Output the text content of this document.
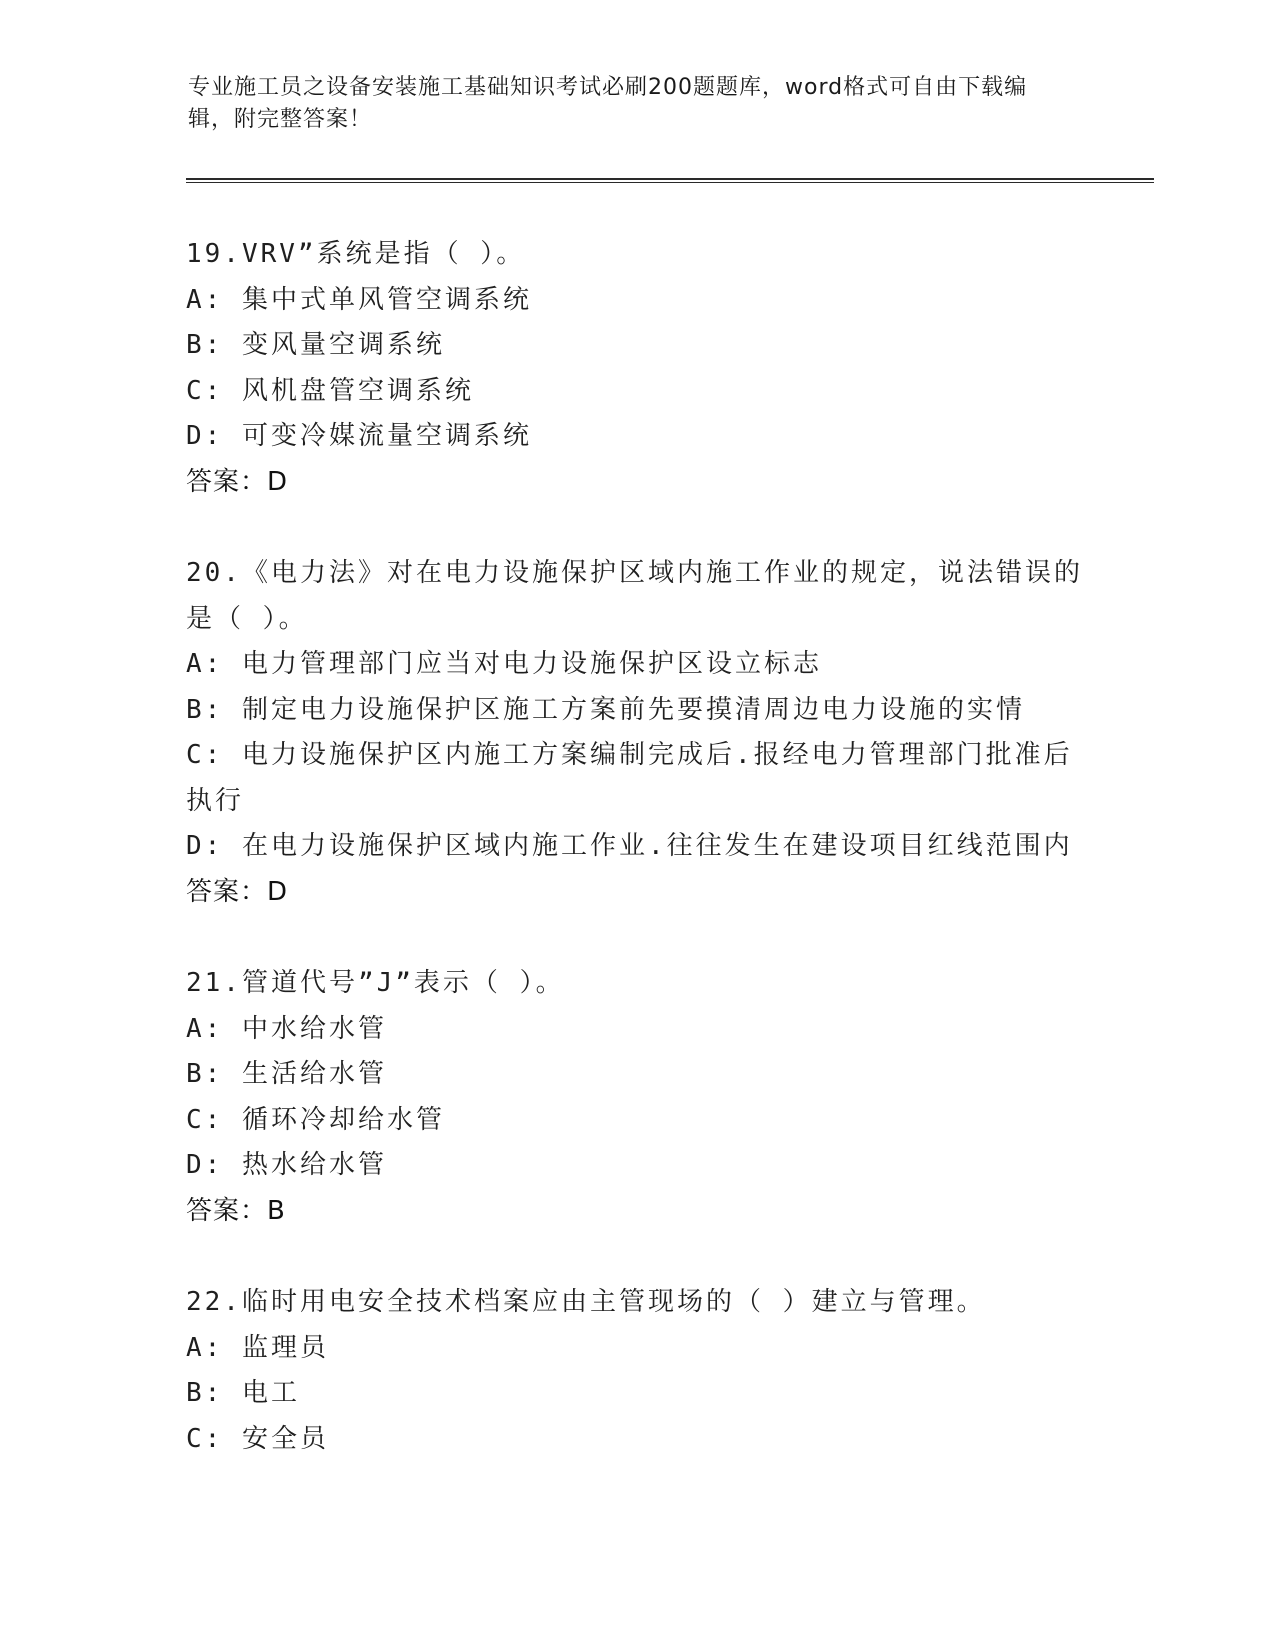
专业施工员之设备安装施工基础知识考试必刷200题题库，word格式可自由下载编辑，附完整答案！
19.VRV”系统是指（ ）。
A: 集中式单风管空调系统
B: 变风量空调系统
C: 风机盘管空调系统
D: 可变冷媒流量空调系统
答案：D
20.《电力法》对在电力设施保护区域内施工作业的规定，说法错误的是（ ）。
A: 电力管理部门应当对电力设施保护区设立标志
B: 制定电力设施保护区施工方案前先要摸清周边电力设施的实情
C: 电力设施保护区内施工方案编制完成后.报经电力管理部门批准后执行
D: 在电力设施保护区域内施工作业.往往发生在建设项目红线范围内
答案：D
21.管道代号”J”表示（ ）。
A: 中水给水管
B: 生活给水管
C: 循环冷却给水管
D: 热水给水管
答案：B
22.临时用电安全技术档案应由主管现场的（ ）建立与管理。
A: 监理员
B: 电工
C: 安全员
